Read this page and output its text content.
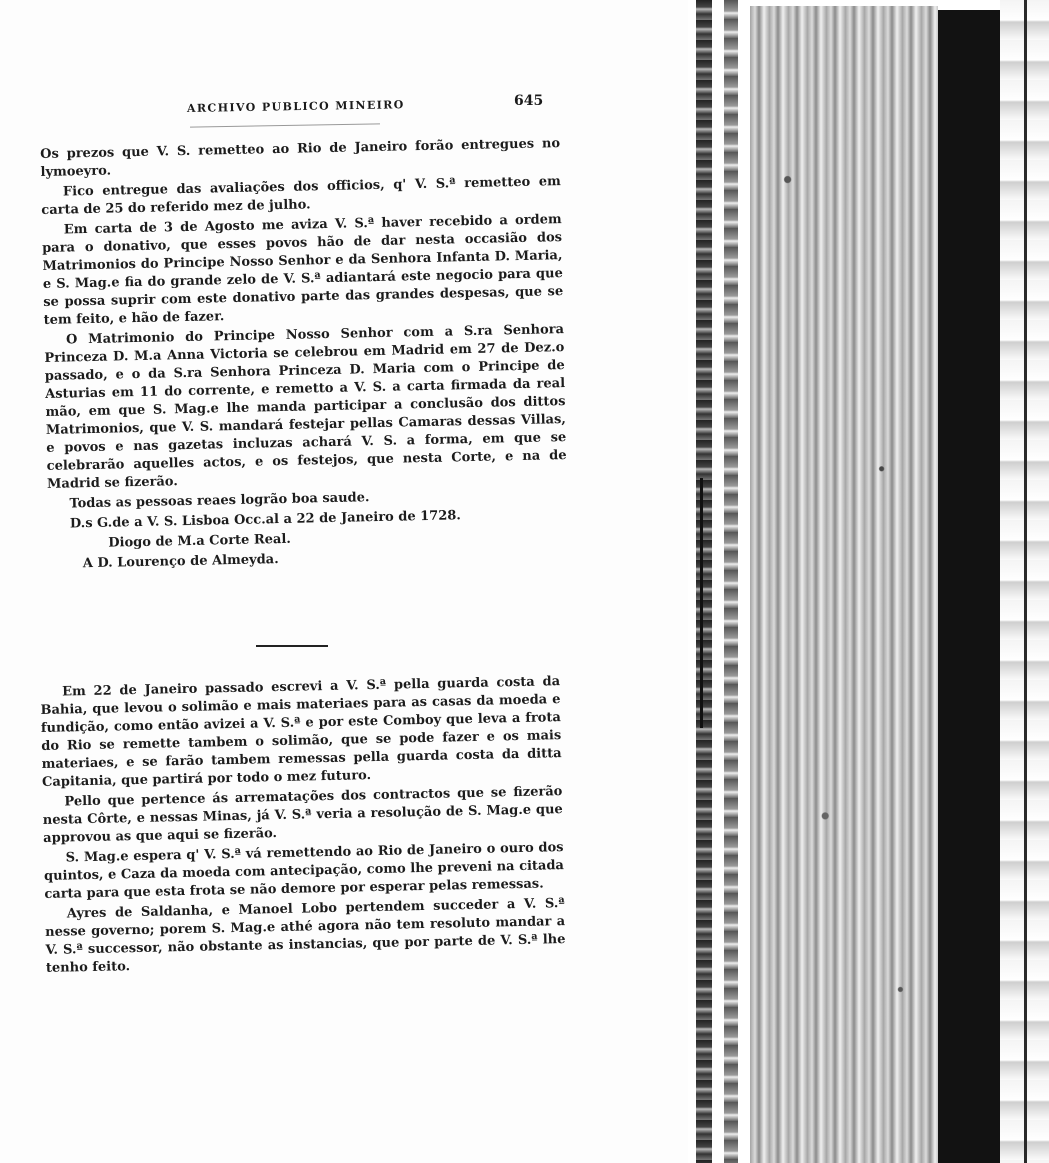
ARCHIVO PUBLICO MINEIRO	645

Os prezos que V. S. remetteo ao Rio de Janeiro forão entregues no lymoeyro.

Fico entregue das avaliações dos officios, q' V. S.ª remetteo em carta de 25 do referido mez de julho.

Em carta de 3 de Agosto me aviza V. S.ª haver recebido a ordem para o donativo, que esses povos hão de dar nesta occasião dos Matrimonios do Principe Nosso Senhor e da Senhora Infanta D. Maria, e S. Mag.e fia do grande zelo de V. S.ª adiantará este negocio para que se possa suprir com este donativo parte das grandes despesas, que se tem feito, e hão de fazer.

O Matrimonio do Principe Nosso Senhor com a S.ra Senhora Princeza D. M.a Anna Victoria se celebrou em Madrid em 27 de Dez.o passado, e o da S.ra Senhora Princeza D. Maria com o Principe de Asturias em 11 do corrente, e remetto a V. S. a carta firmada da real mão, em que S. Mag.e lhe manda participar a conclusão dos dittos Matrimonios, que V. S. mandará festejar pellas Camaras dessas Villas, e povos e nas gazetas incluzas achará V. S. a forma, em que se celebrarão aquelles actos, e os festejos, que nesta Corte, e na de Madrid se fizerão.

Todas as pessoas reaes logrão boa saude.

D.s G.de a V. S. Lisboa Occ.al a 22 de Janeiro de 1728.

Diogo de M.a Corte Real.

A D. Lourenço de Almeyda.

Em 22 de Janeiro passado escrevi a V. S.ª pella guarda costa da Bahia, que levou o solimão e mais materiaes para as casas da moeda e fundição, como então avizei a V. S.ª e por este Comboy que leva a frota do Rio se remette tambem o solimão, que se pode fazer e os mais materiaes, e se farão tambem remessas pella guarda costa da ditta Capitania, que partirá por todo o mez futuro.

Pello que pertence ás arrematações dos contractos que se fizerão nesta Côrte, e nessas Minas, já V. S.ª veria a resolução de S. Mag.e que approvou as que aqui se fizerão.

S. Mag.e espera q' V. S.ª vá remettendo ao Rio de Janeiro o ouro dos quintos, e Caza da moeda com antecipação, como lhe preveni na citada carta para que esta frota se não demore por esperar pelas remessas.

Ayres de Saldanha, e Manoel Lobo pertendem succeder a V. S.ª nesse governo; porem S. Mag.e athé agora não tem resoluto mandar a V. S.ª successor, não obstante as instancias, que por parte de V. S.ª lhe tenho feito.
